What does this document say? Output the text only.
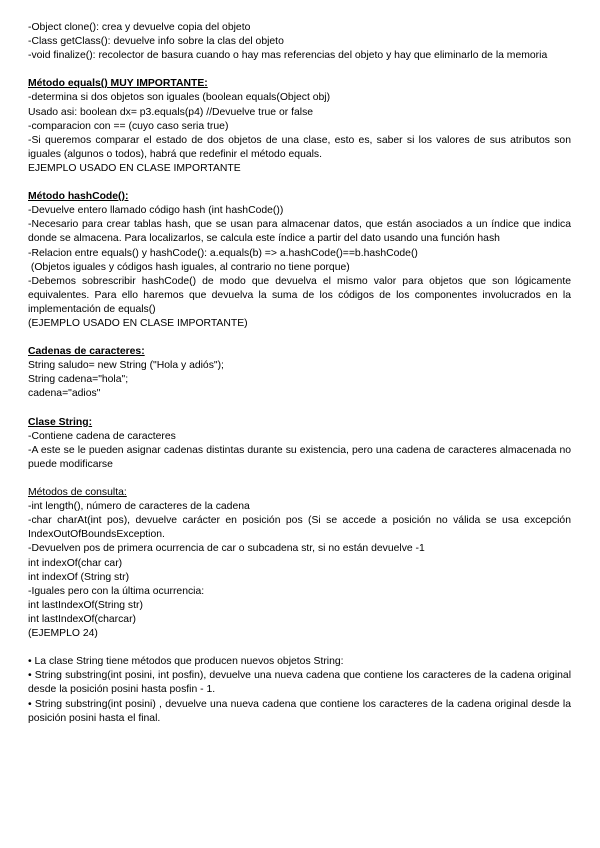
-Object clone(): crea y devuelve copia del objeto

-Class getClass(): devuelve info sobre la clas del objeto

-void finalize(): recolector de basura cuando o hay mas referencias del objeto y hay que eliminarlo de la memoria

Método equals() MUY IMPORTANTE:

-determina si dos objetos son iguales (boolean equals(Object obj)

Usado asi: boolean dx= p3.equals(p4) //Devuelve true or false

-comparacion con == (cuyo caso seria true)

-Si queremos comparar el estado de dos objetos de una clase, esto es, saber si los valores de sus atributos son iguales (algunos o todos), habrá que redefinir el método equals.

EJEMPLO USADO EN CLASE IMPORTANTE

Método hashCode():

-Devuelve entero llamado código hash (int hashCode())

-Necesario para crear tablas hash, que se usan para almacenar datos, que están asociados a un índice que indica donde se almacena. Para localizarlos, se calcula este índice a partir del dato usando una función hash

-Relacion entre equals() y hashCode(): a.equals(b) => a.hashCode()==b.hashCode()

(Objetos iguales y códigos hash iguales, al contrario no tiene porque)

-Debemos sobrescribir hashCode() de modo que devuelva el mismo valor para objetos que son lógicamente equivalentes. Para ello haremos que devuelva la suma de los códigos de los componentes involucrados en la implementación de equals()

(EJEMPLO USADO EN CLASE IMPORTANTE)

Cadenas de caracteres:

String saludo= new String ("Hola y adiós");

String cadena="hola";

cadena="adios"

Clase String:

-Contiene cadena de caracteres

-A este se le pueden asignar cadenas distintas durante su existencia, pero una cadena de caracteres almacenada no puede modificarse

Métodos de consulta:

-int length(), número de caracteres de la cadena

-char charAt(int pos), devuelve carácter en posición pos (Si se accede a posición no válida se usa excepción IndexOutOfBoundsException.

-Devuelven pos de primera ocurrencia de car o subcadena str, si no están devuelve -1

int indexOf(char car)

int indexOf (String str)

-Iguales pero con la última ocurrencia:

int lastIndexOf(String str)

int lastIndexOf(charcar)

(EJEMPLO 24)

• La clase String tiene métodos que producen nuevos objetos String:

• String substring(int posini, int posfin), devuelve una nueva cadena que contiene los caracteres de la cadena original desde la posición posini hasta posfin - 1.

• String substring(int posini) , devuelve una nueva cadena que contiene los caracteres de la cadena original desde la posición posini hasta el final.
